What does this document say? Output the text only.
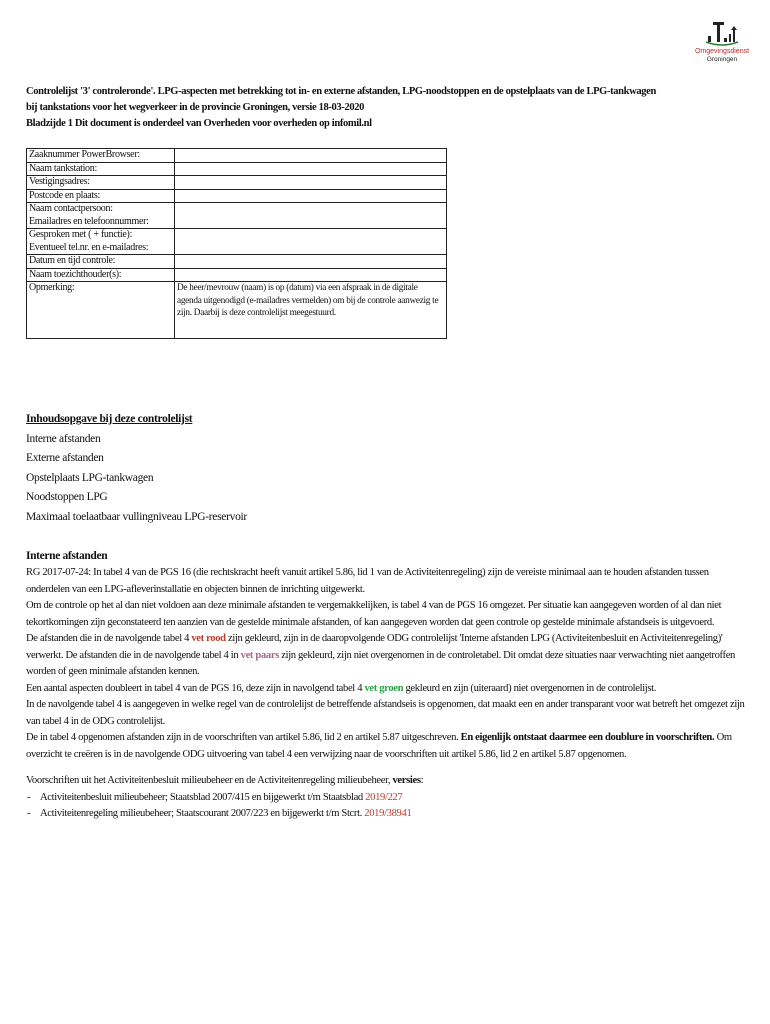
Omgevingsdienst
Groningen
Controlelijst '3' controleronde'. LPG-aspecten met betrekking tot in- en externe afstanden, LPG-noodstoppen en de opstelplaats van de LPG-tankwagen
bij tankstations voor het wegverkeer in de provincie Groningen, versie 18-03-2020
Bladzijde 1 Dit document is onderdeel van Overheden voor overheden op infomil.nl
Zaaknummer PowerBrowser:	

Naam tankstation:	

Vestigingsadres:	

Postcode en plaats:	

Naam contactpersoon:
Emailadres en telefoonnummer:	

Gesproken met ( + functie):
Eventueel tel.nr. en e-mailadres:	

Datum en tijd controle:	

Naam toezichthouder(s):	

Opmerking:	De heer/mevrouw (naam) is op (datum) via een afspraak in de digitale agenda uitgenodigd (e-mailadres vermelden) om bij de controle aanwezig te zijn. Daarbij is deze controlelijst meegestuurd.
Inhoudsopgave bij deze controlelijst
Interne afstanden
Externe afstanden
Opstelplaats LPG-tankwagen
Noodstoppen LPG
Maximaal toelaatbaar vullingniveau LPG-reservoir
Interne afstanden

RG 2017-07-24: In tabel 4 van de PGS 16 (die rechtskracht heeft vanuit artikel 5.86, lid 1 van de Activiteitenregeling) zijn de vereiste minimaal aan te houden afstanden tussen onderdelen van een LPG-afleverinstallatie en objecten binnen de inrichting uitgewerkt.

Om de controle op het al dan niet voldoen aan deze minimale afstanden te vergemakkelijken, is tabel 4 van de PGS 16 omgezet. Per situatie kan aangegeven worden of al dan niet tekortkomingen zijn geconstateerd ten aanzien van de gestelde minimale afstanden, of kan aangegeven worden dat geen controle op gestelde minimale afstandseis is uitgevoerd.

De afstanden die in de navolgende tabel 4 vet rood zijn gekleurd, zijn in de daaropvolgende ODG controlelijst 'Interne afstanden LPG (Activiteitenbesluit en Activiteitenregeling)' verwerkt. De afstanden die in de navolgende tabel 4 in vet paars zijn gekleurd, zijn niet overgenomen in de controletabel. Dit omdat deze situaties naar verwachting niet aangetroffen worden of geen minimale afstanden kennen.

Een aantal aspecten doubleert in tabel 4 van de PGS 16, deze zijn in navolgend tabel 4 vet groen gekleurd en zijn (uiteraard) niet overgenomen in de controlelijst.

In de navolgende tabel 4 is aangegeven in welke regel van de controlelijst de betreffende afstandseis is opgenomen, dat maakt een en ander transparant voor wat betreft het omgezet zijn van tabel 4 in de ODG controlelijst.

De in tabel 4 opgenomen afstanden zijn in de voorschriften van artikel 5.86, lid 2 en artikel 5.87 uitgeschreven. En eigenlijk ontstaat daarmee een doublure in voorschriften. Om overzicht te creëren is in de navolgende ODG uitvoering van tabel 4 een verwijzing naar de voorschriften uit artikel 5.86, lid 2 en artikel 5.87 opgenomen.

Voorschriften uit het Activiteitenbesluit milieubeheer en de Activiteitenregeling milieubeheer, versies:

- Activiteitenbesluit milieubeheer; Staatsblad 2007/415 en bijgewerkt t/m Staatsblad 2019/227
- Activiteitenregeling milieubeheer; Staatscourant 2007/223 en bijgewerkt t/m Stcrt. 2019/38941
